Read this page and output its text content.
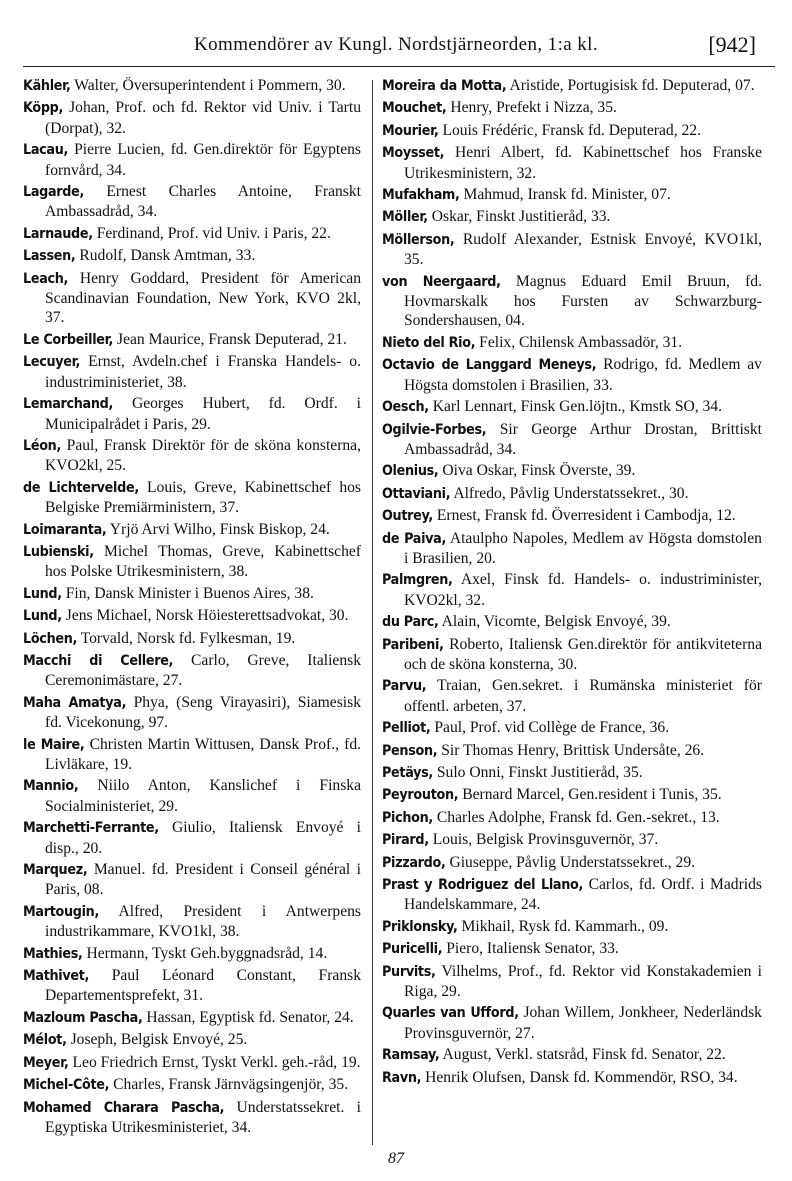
Kommendörer av Kungl. Nordstjärneorden, 1:a kl.	[942]

Kähler, Walter, Översuperintendent i Pommern, 30.

Köpp, Johan, Prof. och fd. Rektor vid Univ. i Tartu (Dorpat), 32.

Lacau, Pierre Lucien, fd. Gen.direktör för Egyptens fornvård, 34.

Lagarde, Ernest Charles Antoine, Franskt Ambassadråd, 34.

Larnaude, Ferdinand, Prof. vid Univ. i Paris, 22.

Lassen, Rudolf, Dansk Amtman, 33.

Leach, Henry Goddard, President för American Scandinavian Foundation, New York, KVO 2kl, 37.

Le Corbeiller, Jean Maurice, Fransk Deputerad, 21.

Lecuyer, Ernst, Avdeln.chef i Franska Handels- o. industriministeriet, 38.

Lemarchand, Georges Hubert, fd. Ordf. i Municipalrådet i Paris, 29.

Léon, Paul, Fransk Direktör för de sköna konsterna, KVO2kl, 25.

de Lichtervelde, Louis, Greve, Kabinettschef hos Belgiske Premiärministern, 37.

Loimaranta, Yrjö Arvi Wilho, Finsk Biskop, 24.

Lubienski, Michel Thomas, Greve, Kabinettschef hos Polske Utrikesministern, 38.

Lund, Fin, Dansk Minister i Buenos Aires, 38.

Lund, Jens Michael, Norsk Höiesterettsadvokat, 30.

Löchen, Torvald, Norsk fd. Fylkesman, 19.

Macchi di Cellere, Carlo, Greve, Italiensk Ceremonimästare, 27.

Maha Amatya, Phya, (Seng Virayasiri), Siamesisk fd. Vicekonung, 97.

le Maire, Christen Martin Wittusen, Dansk Prof., fd. Livläkare, 19.

Mannio, Niilo Anton, Kanslichef i Finska Socialministeriet, 29.

Marchetti-Ferrante, Giulio, Italiensk Envoyé i disp., 20.

Marquez, Manuel. fd. President i Conseil général i Paris, 08.

Martougin, Alfred, President i Antwerpens industrikammare, KVO1kl, 38.

Mathies, Hermann, Tyskt Geh.byggnadsråd, 14.

Mathivet, Paul Léonard Constant, Fransk Departementsprefekt, 31.

Mazloum Pascha, Hassan, Egyptisk fd. Senator, 24.

Mélot, Joseph, Belgisk Envoyé, 25.

Meyer, Leo Friedrich Ernst, Tyskt Verkl. geh.-råd, 19.

Michel-Côte, Charles, Fransk Järnvägsingenjör, 35.

Mohamed Charara Pascha, Understatssekret. i Egyptiska Utrikesministeriet, 34.

Moreira da Motta, Aristide, Portugisisk fd. Deputerad, 07.

Mouchet, Henry, Prefekt i Nizza, 35.

Mourier, Louis Frédéric, Fransk fd. Deputerad, 22.

Moysset, Henri Albert, fd. Kabinettschef hos Franske Utrikesministern, 32.

Mufakham, Mahmud, Iransk fd. Minister, 07.

Möller, Oskar, Finskt Justitieråd, 33.

Möllerson, Rudolf Alexander, Estnisk Envoyé, KVO1kl, 35.

von Neergaard, Magnus Eduard Emil Bruun, fd. Hovmarskalk hos Fursten av Schwarzburg-Sondershausen, 04.

Nieto del Rio, Felix, Chilensk Ambassadör, 31.

Octavio de Langgard Meneys, Rodrigo, fd. Medlem av Högsta domstolen i Brasilien, 33.

Oesch, Karl Lennart, Finsk Gen.löjtn., Kmstk SO, 34.

Ogilvie-Forbes, Sir George Arthur Drostan, Brittiskt Ambassadråd, 34.

Olenius, Oiva Oskar, Finsk Överste, 39.

Ottaviani, Alfredo, Påvlig Understatssekret., 30.

Outrey, Ernest, Fransk fd. Överresident i Cambodja, 12.

de Paiva, Ataulpho Napoles, Medlem av Högsta domstolen i Brasilien, 20.

Palmgren, Axel, Finsk fd. Handels- o. industriminister, KVO2kl, 32.

du Parc, Alain, Vicomte, Belgisk Envoyé, 39.

Paribeni, Roberto, Italiensk Gen.direktör för antikviteterna och de sköna konsterna, 30.

Parvu, Traian, Gen.sekret. i Rumänska ministeriet för offentl. arbeten, 37.

Pelliot, Paul, Prof. vid Collège de France, 36.

Penson, Sir Thomas Henry, Brittisk Undersåte, 26.

Petäys, Sulo Onni, Finskt Justitieråd, 35.

Peyrouton, Bernard Marcel, Gen.resident i Tunis, 35.

Pichon, Charles Adolphe, Fransk fd. Gen.-sekret., 13.

Pirard, Louis, Belgisk Provinsguvernör, 37.

Pizzardo, Giuseppe, Påvlig Understatssekret., 29.

Prast y Rodriguez del Llano, Carlos, fd. Ordf. i Madrids Handelskammare, 24.

Priklonsky, Mikhail, Rysk fd. Kammarh., 09.

Puricelli, Piero, Italiensk Senator, 33.

Purvits, Vilhelms, Prof., fd. Rektor vid Konstakademien i Riga, 29.

Quarles van Ufford, Johan Willem, Jonkheer, Nederländsk Provinsguvernör, 27.

Ramsay, August, Verkl. statsråd, Finsk fd. Senator, 22.

Ravn, Henrik Olufsen, Dansk fd. Kommendör, RSO, 34.

87
